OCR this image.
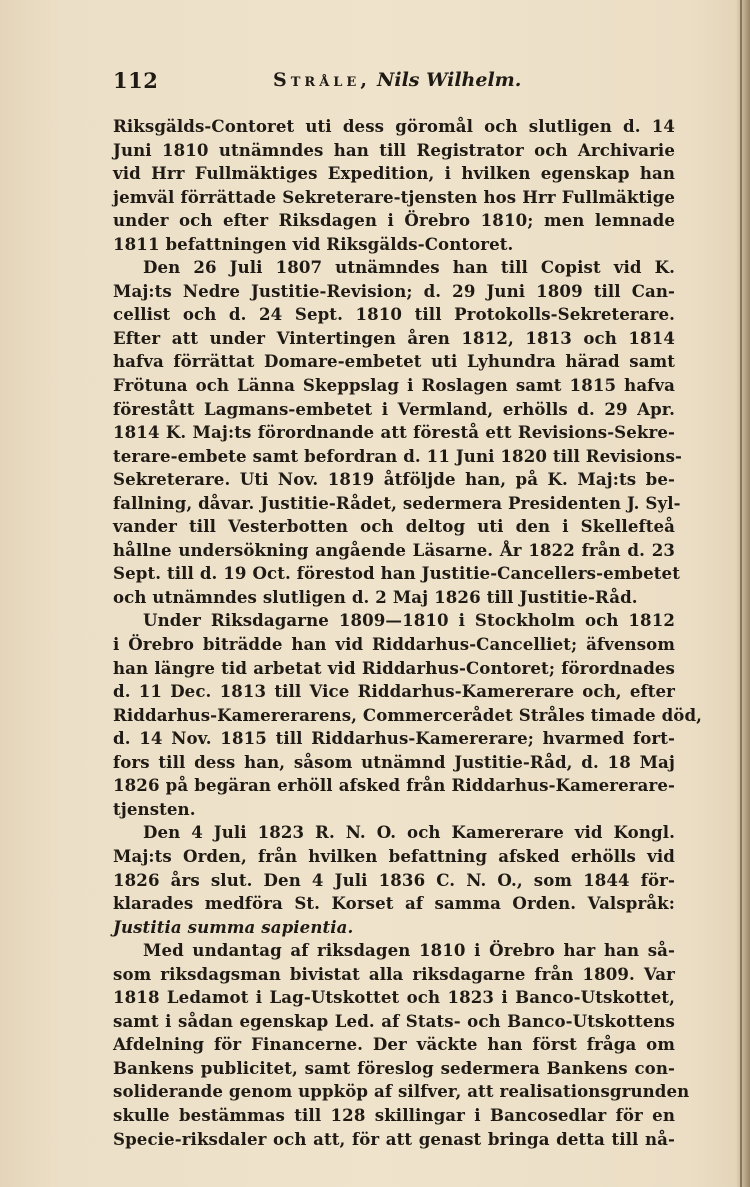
112	Stråle, Nils Wilhelm.
Riksgälds-Contoret uti dess göromål och slutligen d. 14
Juni 1810 utnämndes han till Registrator och Archivarie
vid Hrr Fullmäktiges Expedition, i hvilken egenskap han
jemväl förrättade Sekreterare-tjensten hos Hrr Fullmäktige
under och efter Riksdagen i Örebro 1810; men lemnade
1811 befattningen vid Riksgälds-Contoret.
Den 26 Juli 1807 utnämndes han till Copist vid K.
Maj:ts Nedre Justitie-Revision; d. 29 Juni 1809 till Can-
cellist och d. 24 Sept. 1810 till Protokolls-Sekreterare.
Efter att under Vintertingen åren 1812, 1813 och 1814
hafva förrättat Domare-embetet uti Lyhundra härad samt
Frötuna och Länna Skeppslag i Roslagen samt 1815 hafva
förestått Lagmans-embetet i Vermland, erhölls d. 29 Apr.
1814 K. Maj:ts förordnande att förestå ett Revisions-Sekre-
terare-embete samt befordran d. 11 Juni 1820 till Revisions-
Sekreterare. Uti Nov. 1819 åtföljde han, på K. Maj:ts be-
fallning, dåvar. Justitie-Rådet, sedermera Presidenten J. Syl-
vander till Vesterbotten och deltog uti den i Skellefteå
hållne undersökning angående Läsarne. År 1822 från d. 23
Sept. till d. 19 Oct. förestod han Justitie-Cancellers-embetet
och utnämndes slutligen d. 2 Maj 1826 till Justitie-Råd.
Under Riksdagarne 1809—1810 i Stockholm och 1812
i Örebro biträdde han vid Riddarhus-Cancelliet; äfvensom
han längre tid arbetat vid Riddarhus-Contoret; förordnades
d. 11 Dec. 1813 till Vice Riddarhus-Kamererare och, efter
Riddarhus-Kamererarens, Commercerådet Stråles timade död,
d. 14 Nov. 1815 till Riddarhus-Kamererare; hvarmed fort-
fors till dess han, såsom utnämnd Justitie-Råd, d. 18 Maj
1826 på begäran erhöll afsked från Riddarhus-Kamererare-
tjensten.
Den 4 Juli 1823 R. N. O. och Kamererare vid Kongl.
Maj:ts Orden, från hvilken befattning afsked erhölls vid
1826 års slut. Den 4 Juli 1836 C. N. O., som 1844 för-
klarades medföra St. Korset af samma Orden. Valspråk:
Justitia summa sapientia.
Med undantag af riksdagen 1810 i Örebro har han så-
som riksdagsman bivistat alla riksdagarne från 1809. Var
1818 Ledamot i Lag-Utskottet och 1823 i Banco-Utskottet,
samt i sådan egenskap Led. af Stats- och Banco-Utskottens
Afdelning för Financerne. Der väckte han först fråga om
Bankens publicitet, samt föreslog sedermera Bankens con-
soliderande genom uppköp af silfver, att realisationsgrunden
skulle bestämmas till 128 skillingar i Bancosedlar för en
Specie-riksdaler och att, för att genast bringa detta till nå-
